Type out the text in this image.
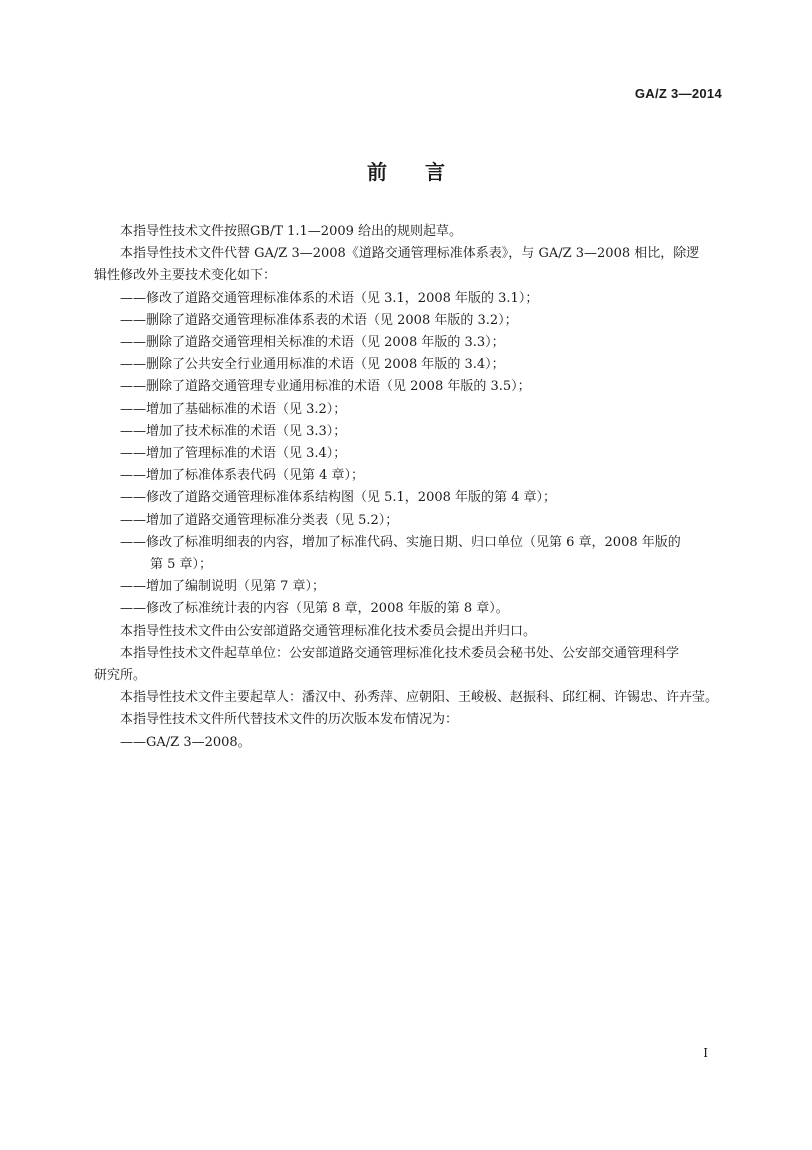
GA/Z 3—2014
前 言
本指导性技术文件按照GB/T 1.1—2009 给出的规则起草。
本指导性技术文件代替 GA/Z 3—2008《道路交通管理标准体系表》，与 GA/Z 3—2008 相比，除逻
辑性修改外主要技术变化如下：
——修改了道路交通管理标准体系的术语（见 3.1，2008 年版的 3.1）；
——删除了道路交通管理标准体系表的术语（见 2008 年版的 3.2）；
——删除了道路交通管理相关标准的术语（见 2008 年版的 3.3）；
——删除了公共安全行业通用标准的术语（见 2008 年版的 3.4）；
——删除了道路交通管理专业通用标准的术语（见 2008 年版的 3.5）；
——增加了基础标准的术语（见 3.2）；
——增加了技术标准的术语（见 3.3）；
——增加了管理标准的术语（见 3.4）；
——增加了标准体系表代码（见第 4 章）；
——修改了道路交通管理标准体系结构图（见 5.1，2008 年版的第 4 章）；
——增加了道路交通管理标准分类表（见 5.2）；
——修改了标准明细表的内容，增加了标准代码、实施日期、归口单位（见第 6 章，2008 年版的
第 5 章）；
——增加了编制说明（见第 7 章）；
——修改了标准统计表的内容（见第 8 章，2008 年版的第 8 章）。
本指导性技术文件由公安部道路交通管理标准化技术委员会提出并归口。
本指导性技术文件起草单位：公安部道路交通管理标准化技术委员会秘书处、公安部交通管理科学
研究所。
本指导性技术文件主要起草人：潘汉中、孙秀萍、应朝阳、王峻极、赵振科、邱红桐、许锡忠、许卉莹。
本指导性技术文件所代替技术文件的历次版本发布情况为：
——GA/Z 3—2008。
I
